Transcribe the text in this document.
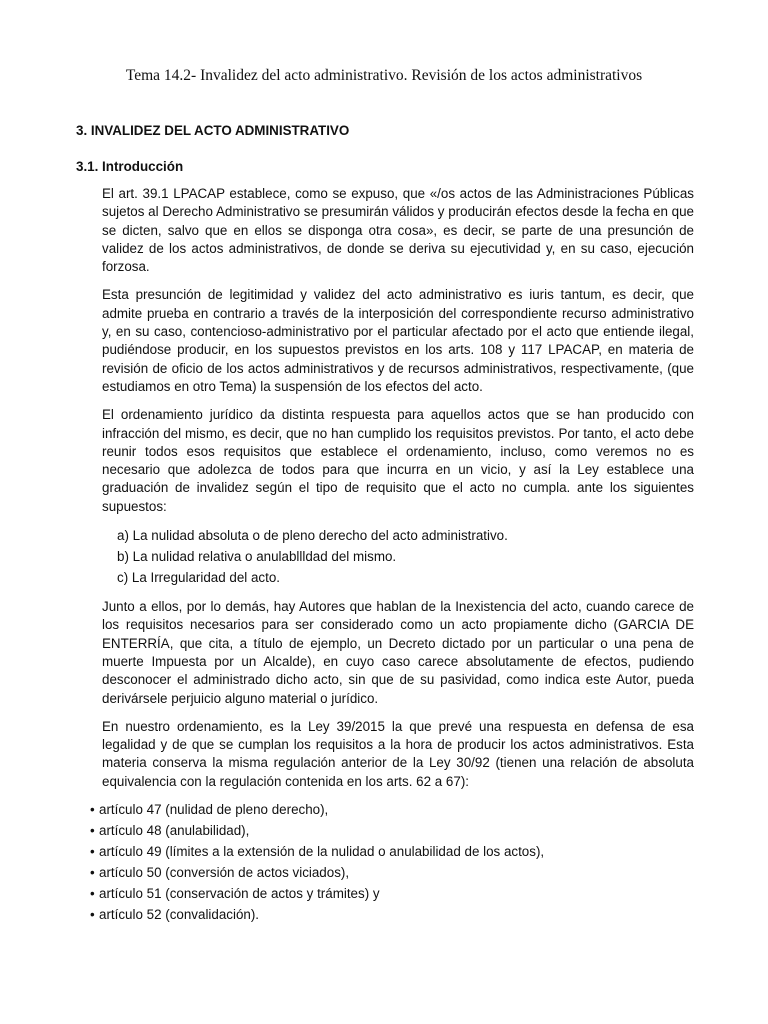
Tema 14.2- Invalidez del acto administrativo. Revisión de los actos administrativos
3. INVALIDEZ DEL ACTO ADMINISTRATIVO
3.1. Introducción

El art. 39.1 LPACAP establece, como se expuso, que «/os actos de las Administraciones Públicas sujetos al Derecho Administrativo se presumirán válidos y producirán efectos desde la fecha en que se dicten, salvo que en ellos se disponga otra cosa», es decir, se parte de una presunción de validez de los actos administrativos, de donde se deriva su ejecutividad y, en su caso, ejecución forzosa.

Esta presunción de legitimidad y validez del acto administrativo es iuris tantum, es decir, que admite prueba en contrario a través de la interposición del correspondiente recurso administrativo y, en su caso, contencioso-administrativo por el particular afectado por el acto que entiende ilegal, pudiéndose producir, en los supuestos previstos en los arts. 108 y 117 LPACAP, en materia de revisión de oficio de los actos administrativos y de recursos administrativos, respectivamente, (que estudiamos en otro Tema) la suspensión de los efectos del acto.

El ordenamiento jurídico da distinta respuesta para aquellos actos que se han producido con infracción del mismo, es decir, que no han cumplido los requisitos previstos. Por tanto, el acto debe reunir todos esos requisitos que establece el ordenamiento, incluso, como veremos no es necesario que adolezca de todos para que incurra en un vicio, y así la Ley establece una graduación de invalidez según el tipo de requisito que el acto no cumpla. ante los siguientes supuestos:

a) La nulidad absoluta o de pleno derecho del acto administrativo.
b) La nulidad relativa o anulabllldad del mismo.
c) La Irregularidad del acto.

Junto a ellos, por lo demás, hay Autores que hablan de la Inexistencia del acto, cuando carece de los requisitos necesarios para ser considerado como un acto propiamente dicho (GARCIA DE ENTERRÍA, que cita, a título de ejemplo, un Decreto dictado por un particular o una pena de muerte Impuesta por un Alcalde), en cuyo caso carece absolutamente de efectos, pudiendo desconocer el administrado dicho acto, sin que de su pasividad, como indica este Autor, pueda derivársele perjuicio alguno material o jurídico.

En nuestro ordenamiento, es la Ley 39/2015 la que prevé una respuesta en defensa de esa legalidad y de que se cumplan los requisitos a la hora de producir los actos administrativos. Esta materia conserva la misma regulación anterior de la Ley 30/92 (tienen una relación de absoluta equivalencia con la regulación contenida en los arts. 62 a 67):

• artículo 47 (nulidad de pleno derecho),
• artículo 48 (anulabilidad),
• artículo 49 (límites a la extensión de la nulidad o anulabilidad de los actos),
• artículo 50 (conversión de actos viciados),
• artículo 51 (conservación de actos y trámites) y
• artículo 52 (convalidación).
